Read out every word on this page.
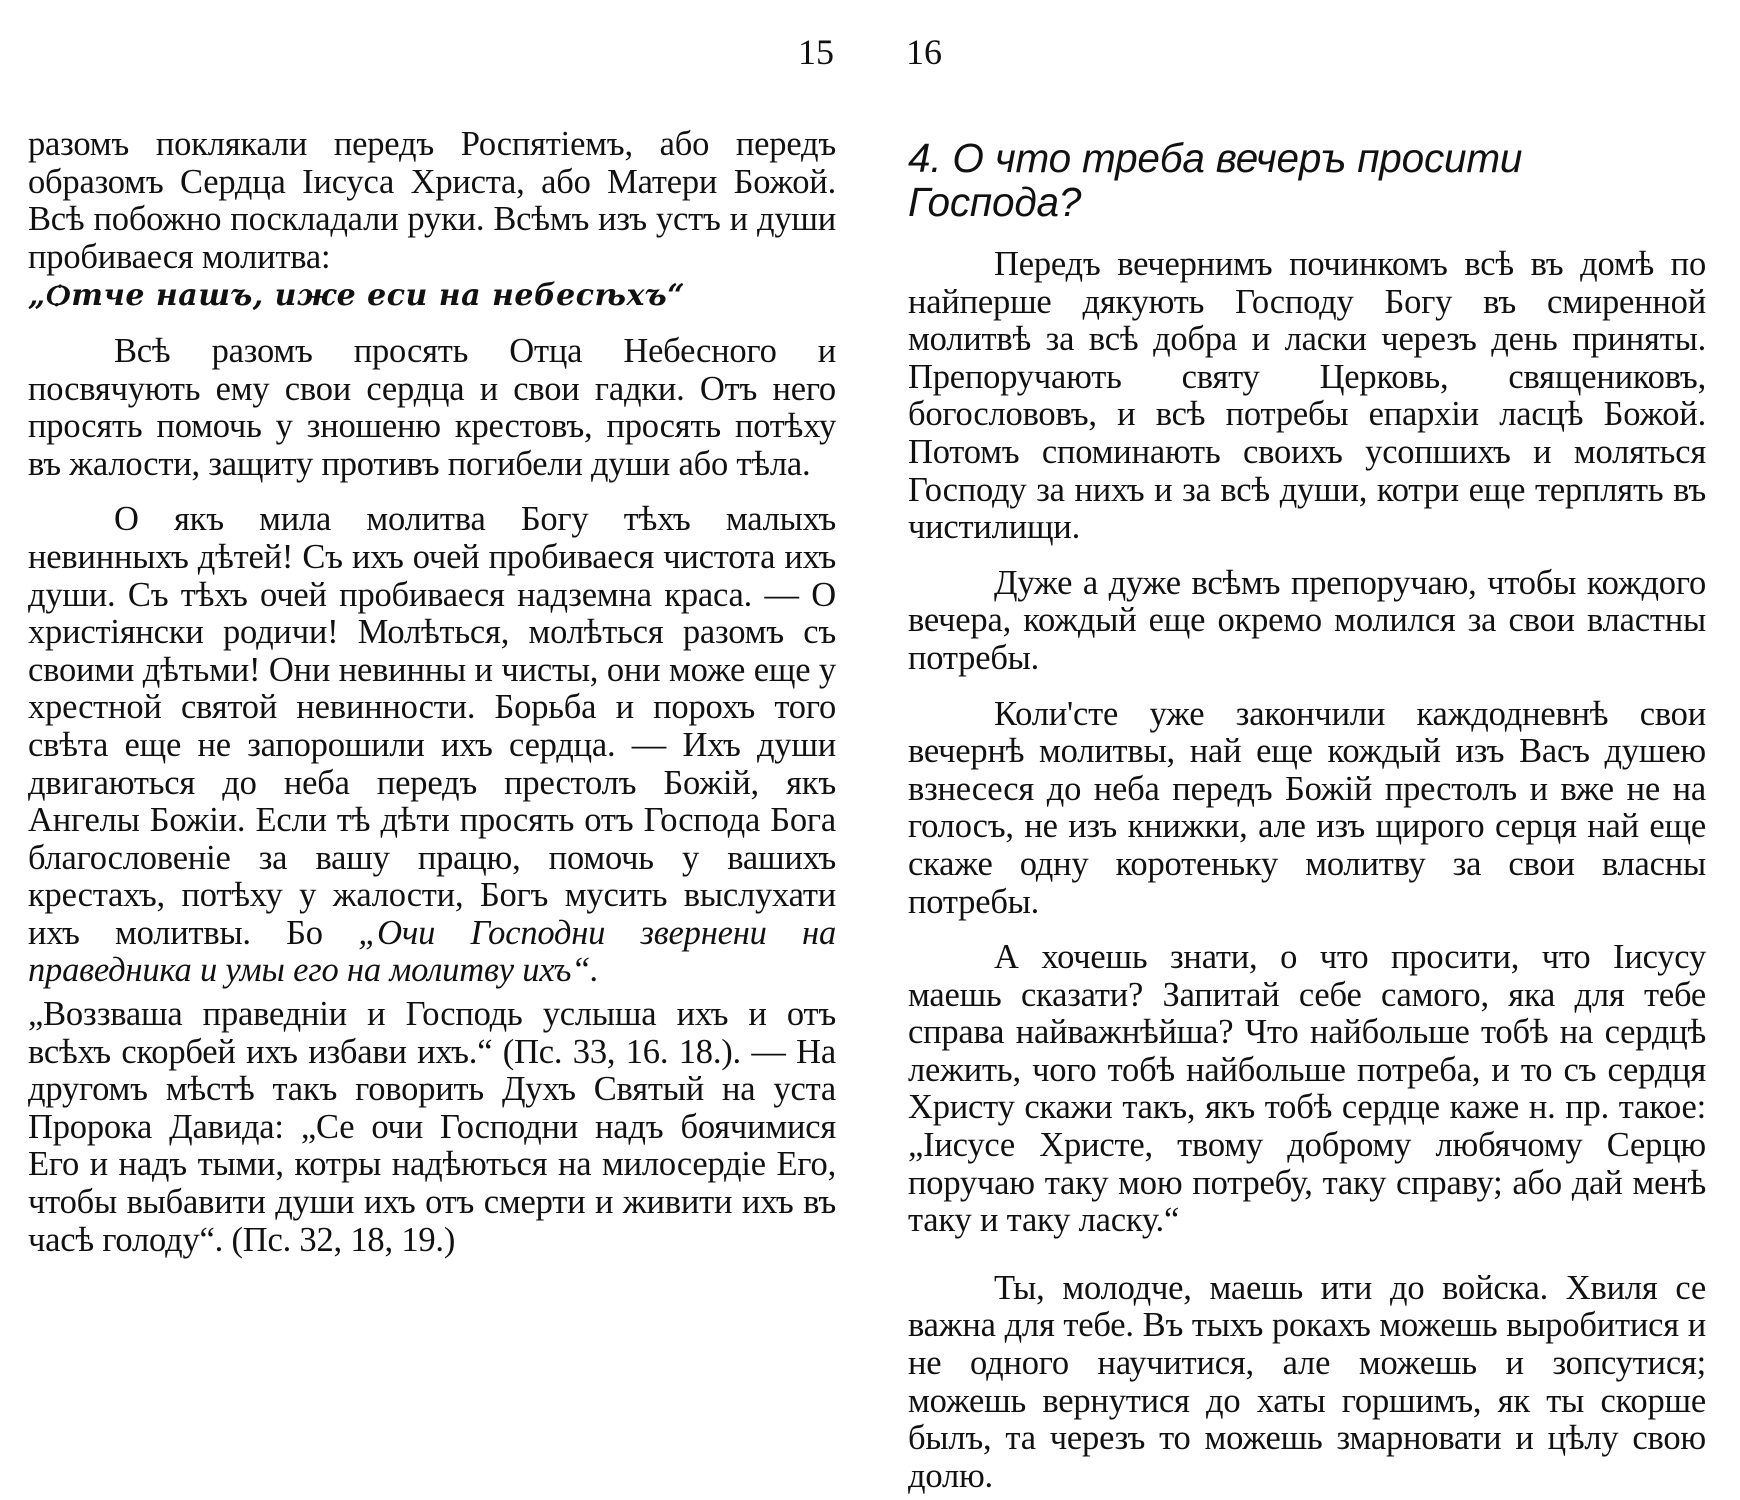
15 16

разомъ поклякали передъ Роспятіемъ, або передъ образомъ Сердца Іисуса Христа, або Матери Божой. Всѣ побожно поскладали руки. Всѣмъ изъ устъ и души пробиваеся молитва:
„Ѻтче нашъ, иже еси на небесѣхъ“

Всѣ разомъ просять Отца Небесного и посвячують ему свои сердца и свои гадки. Отъ него просять помочь у зношеню крестовъ, просять потѣху въ жалости, защиту противъ погибели души або тѣла.

О якъ мила молитва Богу тѣхъ малыхъ невинныхъ дѣтей! Съ ихъ очей пробиваеся чистота ихъ души. Съ тѣхъ очей пробиваеся надземна краса. — О христіянски родичи! Молѣться, молѣться разомъ съ своими дѣтьми! Они невинны и чисты, они може еще у хрестной святой невинности. Борьба и порохъ того свѣта еще не запорошили ихъ сердца. — Ихъ души двигаються до неба передъ престолъ Божій, якъ Ангелы Божіи. Если тѣ дѣти просять отъ Господа Бога благословеніе за вашу працю, помочь у вашихъ крестахъ, потѣху у жалости, Богъ мусить выслухати ихъ молитвы. Бо „Очи Господни звернени на праведника и умы его на молитву ихъ“.

„Воззваша праведніи и Господь услыша ихъ и отъ всѣхъ скорбей ихъ избави ихъ.“ (Пс. 33, 16. 18.). — На другомъ мѣстѣ такъ говорить Духъ Святый на уста Пророка Давида: „Се очи Господни надъ боячимися Его и надъ тыми, котры надѣються на милосердіе Его, чтобы выбавити души ихъ отъ смерти и живити ихъ въ часѣ голоду“. (Пс. 32, 18, 19.)

4. О что треба вечеръ просити Господа?

Передъ вечернимъ починкомъ всѣ въ домѣ по найперше дякують Господу Богу въ смиренной молитвѣ за всѣ добра и ласки черезъ день приняты. Препоручають святу Церковь, священиковъ, богослововъ, и всѣ потребы епархіи ласцѣ Божой. Потомъ споминають своихъ усопшихъ и моляться Господу за нихъ и за всѣ души, котри еще терплять въ чистилищи.

Дуже а дуже всѣмъ препоручаю, чтобы кождого вечера, кождый еще окремо молился за свои властны потребы.

Коли'сте уже закончили каждодневнѣ свои вечернѣ молитвы, най еще кождый изъ Васъ душею взнесеся до неба передъ Божій престолъ и вже не на голосъ, не изъ книжки, але изъ щирого серця най еще скаже одну коротеньку молитву за свои власны потребы.

А хочешь знати, о что просити, что Іисусу маешь сказати? Запитай себе самого, яка для тебе справа найважнѣйша? Что найбольше тобѣ на сердцѣ лежить, чого тобѣ найбольше потреба, и то съ сердця Христу скажи такъ, якъ тобѣ сердце каже н. пр. такое: „Іисусе Христе, твому доброму любячому Серцю поручаю таку мою потребу, таку справу; або дай менѣ таку и таку ласку.“

Ты, молодче, маешь ити до войска. Хвиля се важна для тебе. Въ тыхъ рокахъ можешь выробитися и не одного научитися, але можешь и зопсутися; можешь вернутися до хаты горшимъ, як ты скорше былъ, та черезъ то можешь змарновати и цѣлу свою долю.
